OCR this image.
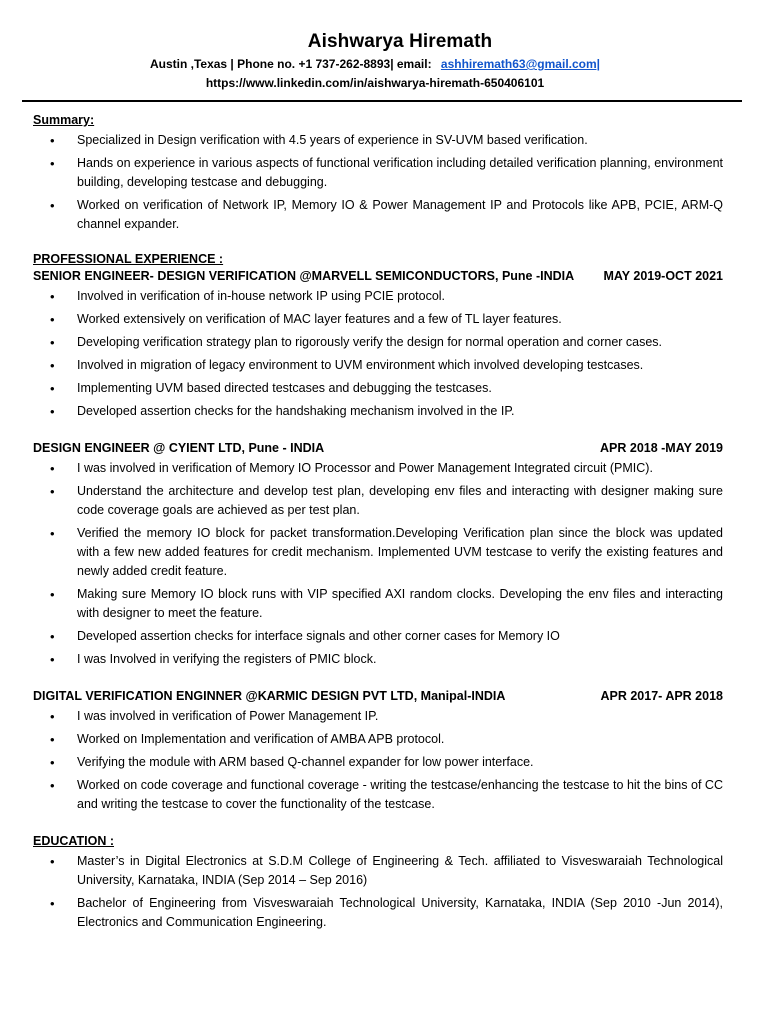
Aishwarya Hiremath
Austin ,Texas | Phone no. +1 737-262-8893| email: ashhiremath63@gmail.com|
https://www.linkedin.com/in/aishwarya-hiremath-650406101
Summary:
• Specialized in Design verification with 4.5 years of experience in SV-UVM based verification.
• Hands on experience in various aspects of functional verification including detailed verification planning, environment building, developing testcase and debugging.
• Worked on verification of Network IP, Memory IO & Power Management IP and Protocols like APB, PCIE, ARM-Q channel expander.
PROFESSIONAL EXPERIENCE :
SENIOR ENGINEER- DESIGN VERIFICATION @MARVELL SEMICONDUCTORS, Pune -INDIA MAY 2019-OCT 2021
• Involved in verification of in-house network IP using PCIE protocol.
• Worked extensively on verification of MAC layer features and a few of TL layer features.
• Developing verification strategy plan to rigorously verify the design for normal operation and corner cases.
• Involved in migration of legacy environment to UVM environment which involved developing testcases.
• Implementing UVM based directed testcases and debugging the testcases.
• Developed assertion checks for the handshaking mechanism involved in the IP.
DESIGN ENGINEER @ CYIENT LTD, Pune - INDIA	APR 2018 -MAY 2019
• I was involved in verification of Memory IO Processor and Power Management Integrated circuit (PMIC).
• Understand the architecture and develop test plan, developing env files and interacting with designer making sure code coverage goals are achieved as per test plan.
• Verified the memory IO block for packet transformation.Developing Verification plan since the block was updated with a few new added features for credit mechanism. Implemented UVM testcase to verify the existing features and newly added credit feature.
• Making sure Memory IO block runs with VIP specified AXI random clocks. Developing the env files and interacting with designer to meet the feature.
• Developed assertion checks for interface signals and other corner cases for Memory IO
• I was Involved in verifying the registers of PMIC block.
DIGITAL VERIFICATION ENGINNER @KARMIC DESIGN PVT LTD, Manipal-INDIA	APR 2017- APR 2018
• I was involved in verification of Power Management IP.
• Worked on Implementation and verification of AMBA APB protocol.
• Verifying the module with ARM based Q-channel expander for low power interface.
• Worked on code coverage and functional coverage - writing the testcase/enhancing the testcase to hit the bins of CC and writing the testcase to cover the functionality of the testcase.
EDUCATION :
• Master’s in Digital Electronics at S.D.M College of Engineering & Tech. affiliated to Visveswaraiah Technological University, Karnataka, INDIA (Sep 2014 – Sep 2016)
• Bachelor of Engineering from Visveswaraiah Technological University, Karnataka, INDIA (Sep 2010 -Jun 2014), Electronics and Communication Engineering.
